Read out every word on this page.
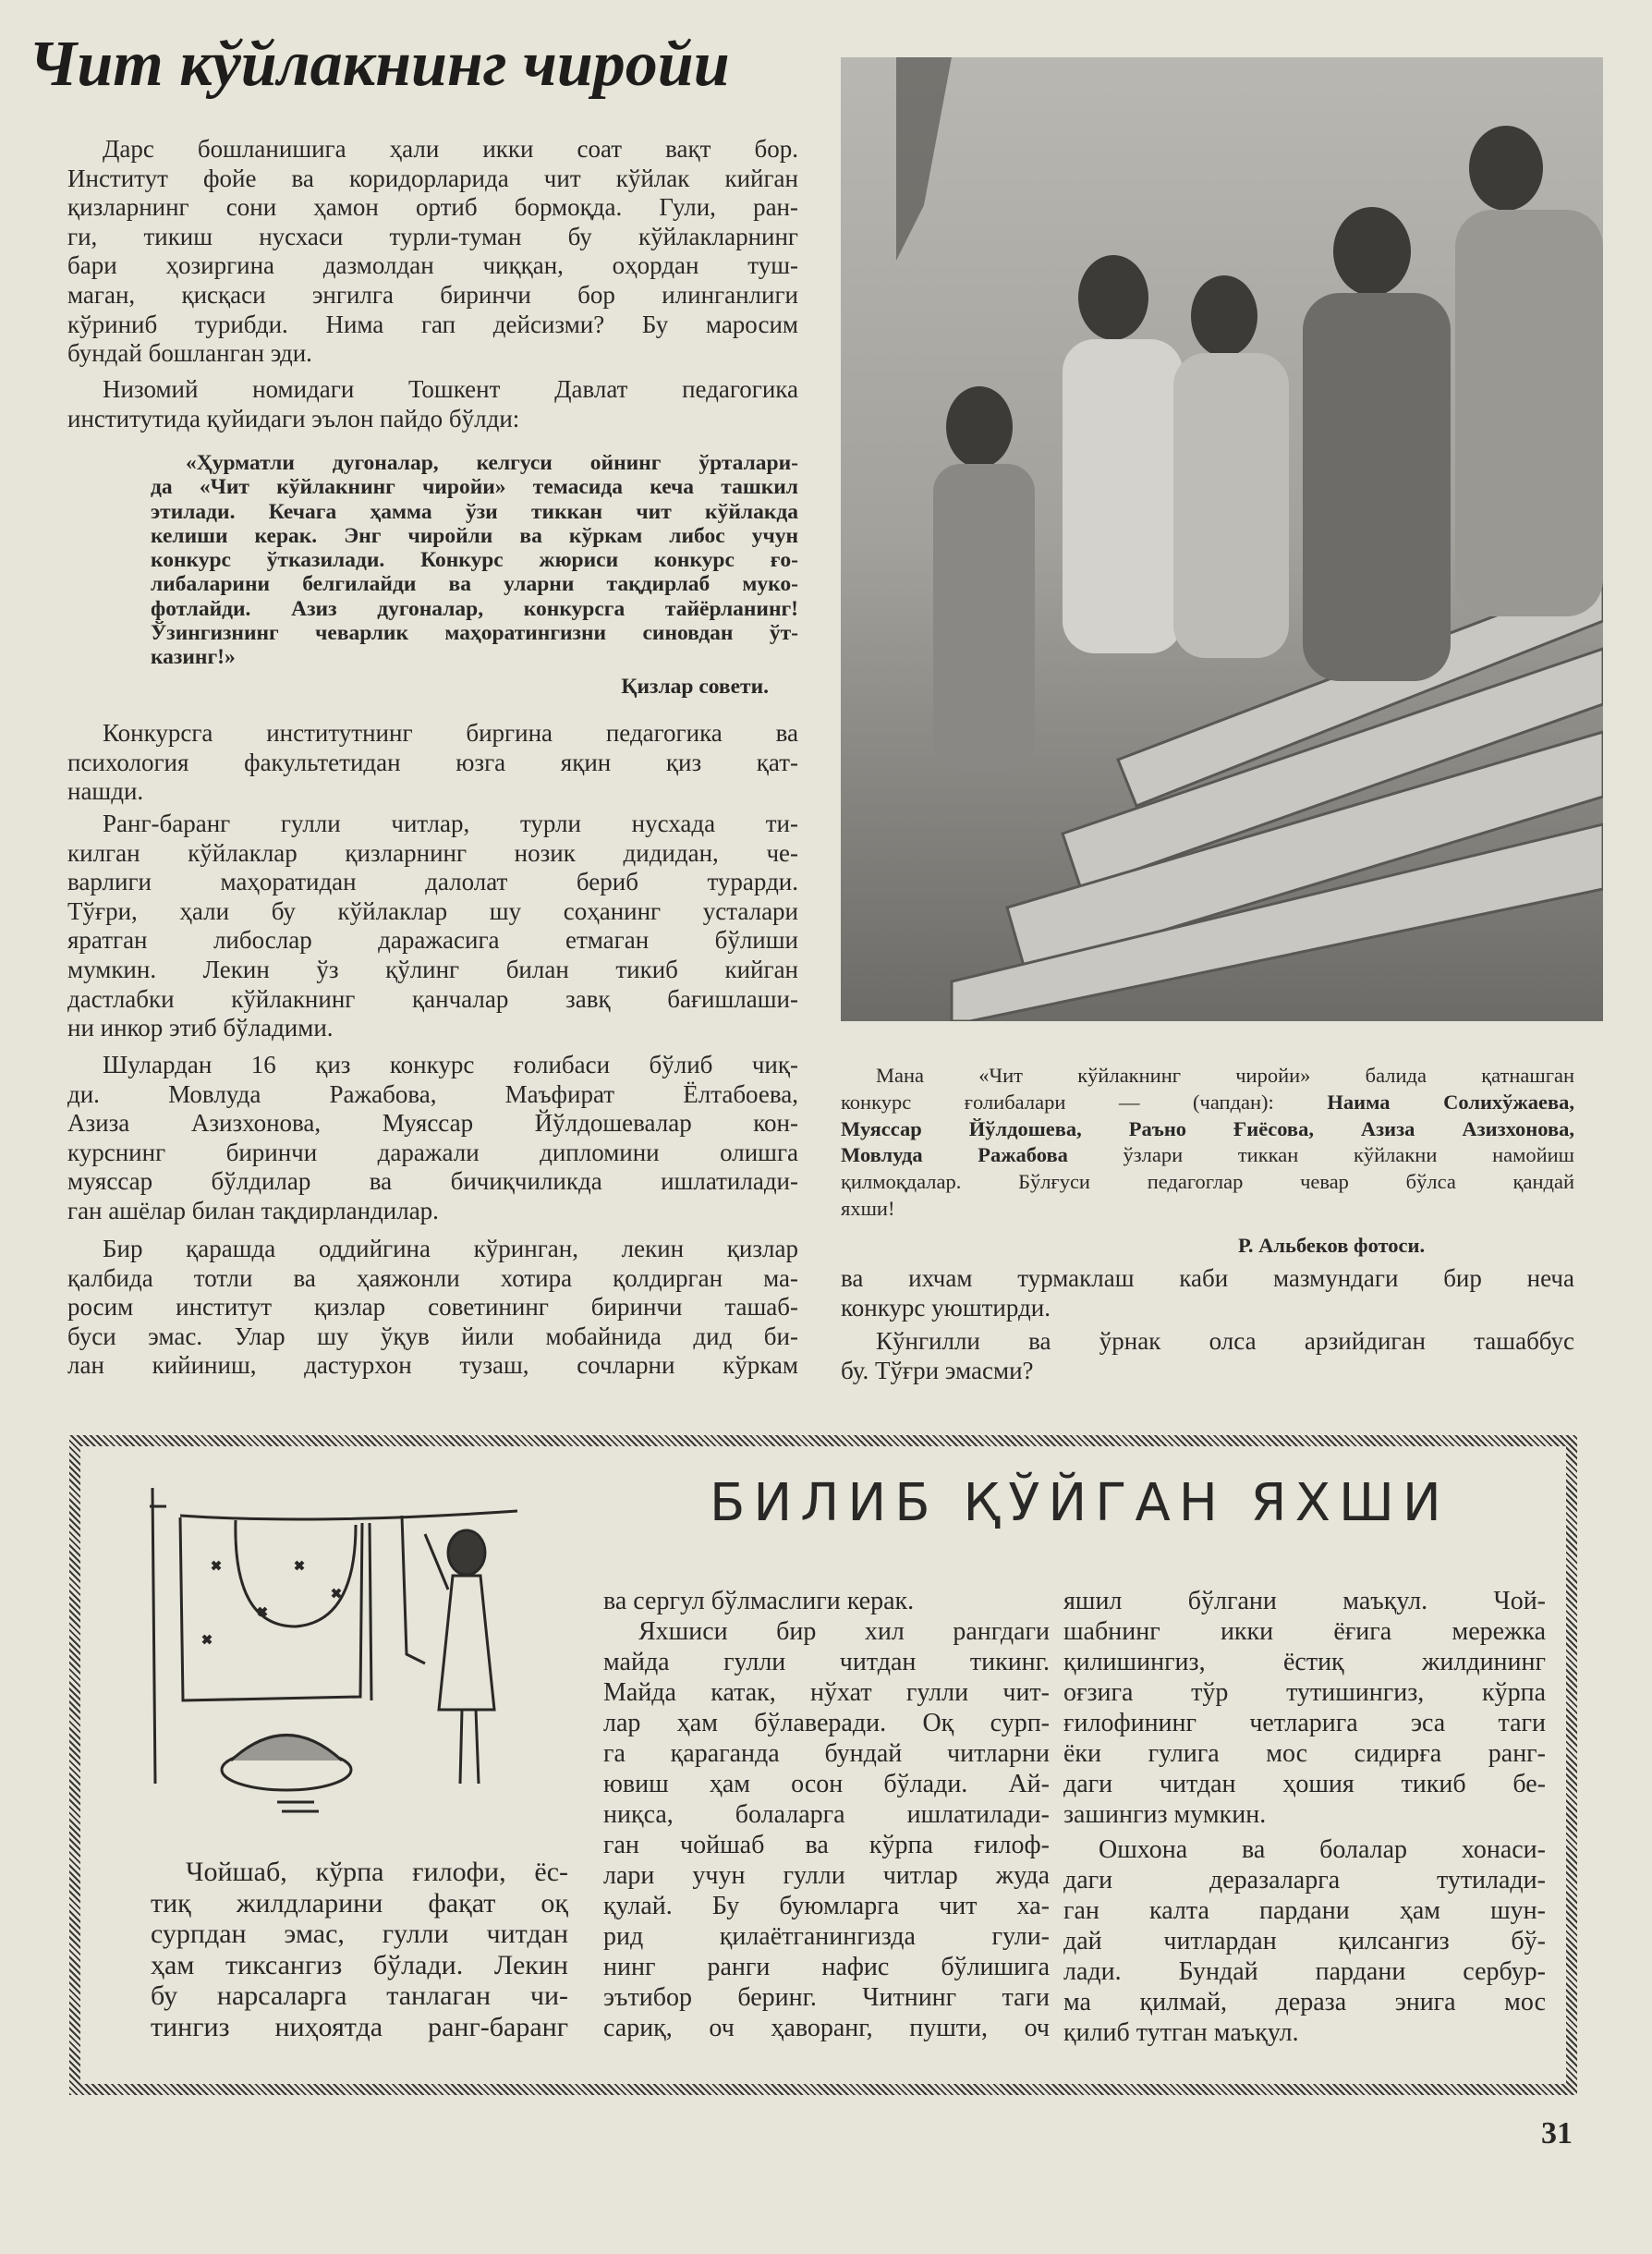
Чит кўйлакнинг чиройи
Дарс бошланишига ҳали икки соат вақт бор.
Институт фойе ва коридорларида чит кўйлак кийган
қизларнинг сони ҳамон ортиб бормоқда. Гули, ран-
ги, тикиш нусхаси турли-туман бу кўйлакларнинг
бари ҳозиргина дазмолдан чиққан, оҳордан туш-
маган, қисқаси энгилга биринчи бор илинганлиги
кўриниб турибди. Нима гап дейсизми? Бу маросим
бундай бошланган эди.
Низомий номидаги Тошкент Давлат педагогика
институтида қуйидаги эълон пайдо бўлди:
«Ҳурматли дугоналар, келгуси ойнинг ўрталари-
да «Чит кўйлакнинг чиройи» темасида кеча ташкил
этилади. Кечага ҳамма ўзи тиккан чит кўйлакда
келиши керак. Энг чиройли ва кўркам либос учун
конкурс ўтказилади. Конкурс жюриси конкурс ғо-
либаларини белгилайди ва уларни тақдирлаб муко-
фотлайди. Азиз дугоналар, конкурсга тайёрланинг!
Ўзингизнинг чеварлик маҳоратингизни синовдан ўт-
казинг!»
Қизлар совети.
Конкурсга институтнинг биргина педагогика ва
психология факультетидан юзга яқин қиз қат-
нашди.
Ранг-баранг гулли читлар, турли нусхада ти-
килган кўйлаклар қизларнинг нозик дидидан, че-
варлиги маҳоратидан далолат бериб турарди.
Тўғри, ҳали бу кўйлаклар шу соҳанинг усталари
яратган либослар даражасига етмаган бўлиши
мумкин. Лекин ўз қўлинг билан тикиб кийган
дастлабки кўйлакнинг қанчалар завқ бағишлаши-
ни инкор этиб бўладими.
Шулардан 16 қиз конкурс ғолибаси бўлиб чиқ-
ди. Мовлуда Ражабова, Маъфират Ёлтабоева,
Азиза Азизхонова, Муяссар Йўлдошевалар кон-
курснинг биринчи даражали дипломини олишга
муяссар бўлдилар ва бичиқчиликда ишлатилади-
ган ашёлар билан тақдирландилар.
Бир қарашда оддийгина кўринган, лекин қизлар
қалбида тотли ва ҳаяжонли хотира қолдирган ма-
росим институт қизлар советининг биринчи ташаб-
буси эмас. Улар шу ўқув йили мобайнида дид би-
лан кийиниш, дастурхон тузаш, сочларни кўркам
ва ихчам турмаклаш каби мазмундаги бир неча
конкурс уюштирди.
Кўнгилли ва ўрнак олса арзийдиган ташаббус
бу. Тўғри эмасми?
Мана «Чит кўйлакнинг чиройи» балида қатнашган
конкурс ғолибалари — (чапдан): Наима Солихўжаева,
Муяссар Йўлдошева, Раъно Ғиёсова, Азиза Азизхонова,
Мовлуда Ражабова ўзлари тиккан кўйлакни намойиш
қилмоқдалар. Бўлғуси педагоглар чевар бўлса қандай
яхши!
Р. Альбеков фотоси.
БИЛИБ ҚЎЙГАН ЯХШИ
Чойшаб, кўрпа ғилофи, ёс-
тиқ жилдларини фақат оқ
сурпдан эмас, гулли читдан
ҳам тиксангиз бўлади. Лекин
бу нарсаларга танлаган чи-
тингиз ниҳоятда ранг-баранг
ва сергул бўлмаслиги керак.
Яхшиси бир хил рангдаги
майда гулли читдан тикинг.
Майда катак, нўхат гулли чит-
лар ҳам бўлаверади. Оқ сурп-
га қараганда бундай читларни
ювиш ҳам осон бўлади. Ай-
ниқса, болаларга ишлатилади-
ган чойшаб ва кўрпа ғилоф-
лари учун гулли читлар жуда
қулай. Бу буюмларга чит ха-
рид қилаётганингизда гули-
нинг ранги нафис бўлишига
эътибор беринг. Читнинг таги
сариқ, оч ҳаворанг, пушти, оч
яшил бўлгани маъқул. Чой-
шабнинг икки ёғига мережка
қилишингиз, ёстиқ жилдининг
оғзига тўр тутишингиз, кўрпа
ғилофининг четларига эса таги
ёки гулига мос сидирға ранг-
даги читдан ҳошия тикиб бе-
зашингиз мумкин.
Ошхона ва болалар хонаси-
даги деразаларга тутилади-
ган калта пардани ҳам шун-
дай читлардан қилсангиз бў-
лади. Бундай пардани сербур-
ма қилмай, дераза энига мос
қилиб тутган маъқул.
31
